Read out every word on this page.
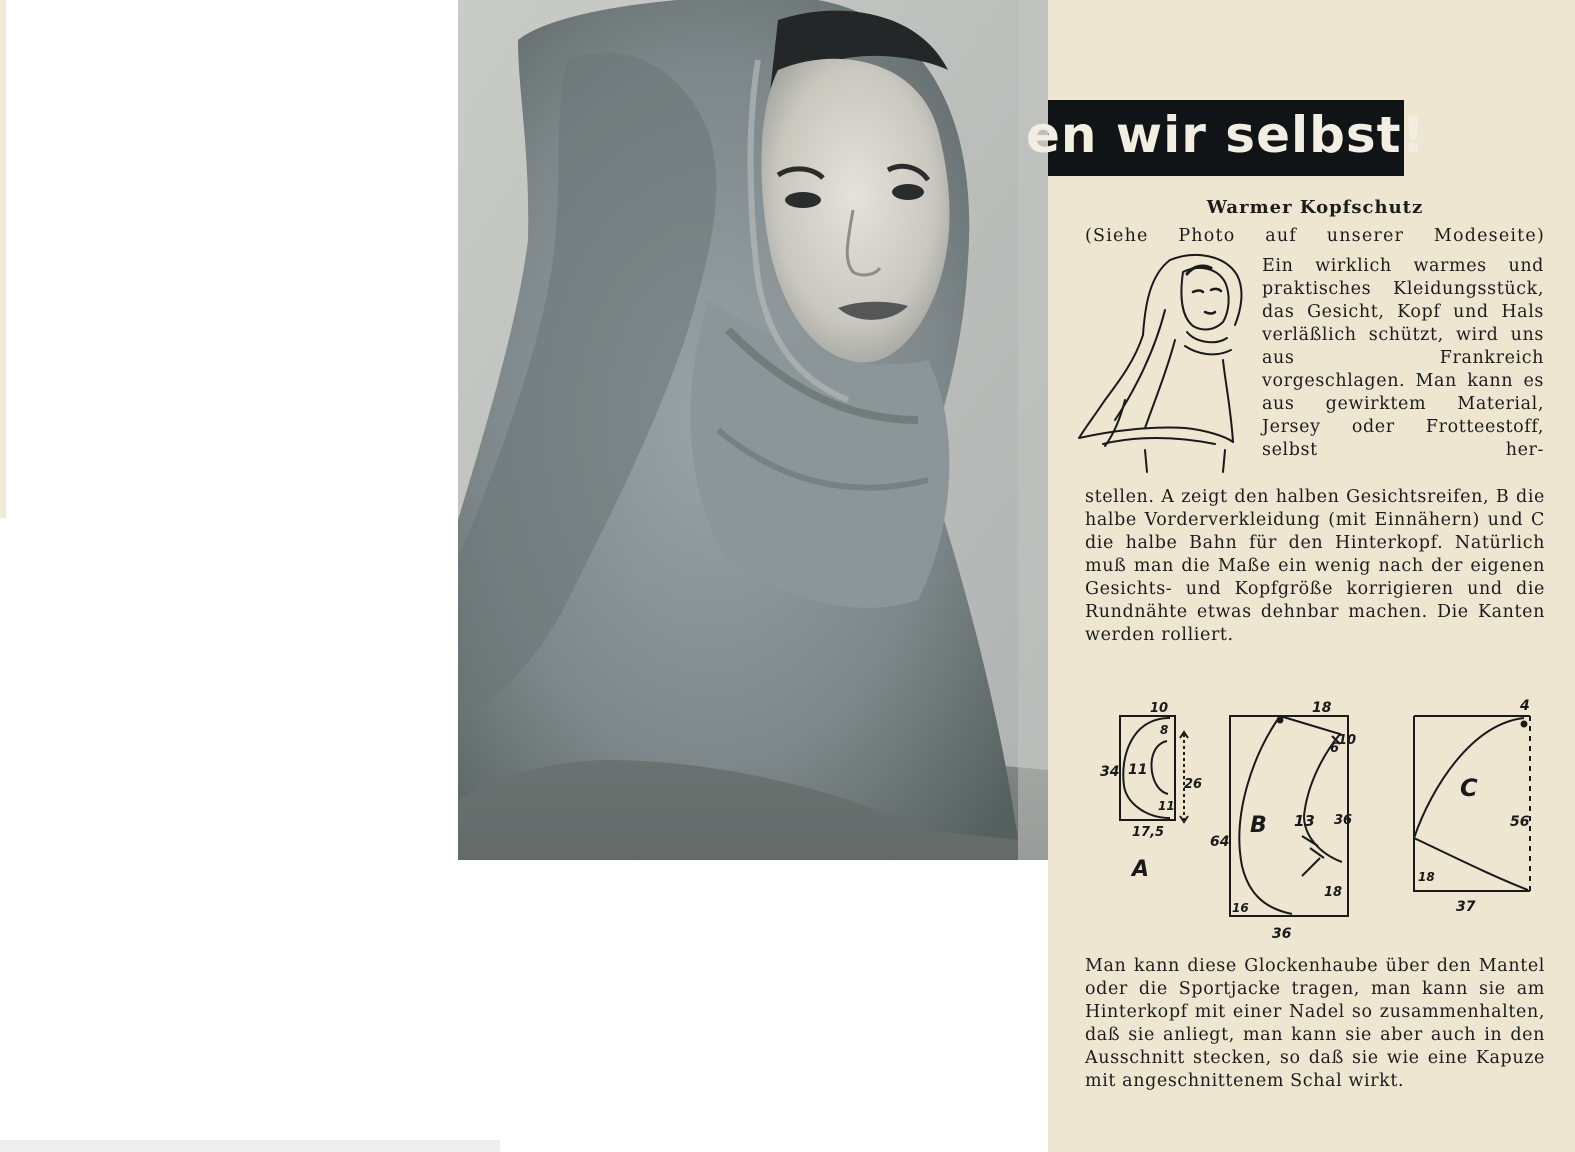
en wir selbst!
Warmer Kopfschutz
(Siehe Photo auf unserer Modeseite)
Ein wirklich warmes und praktisches Kleidungsstück, das Gesicht, Kopf und Hals verläßlich schützt, wird uns aus Frankreich vorgeschlagen. Man kann es aus gewirktem Material, Jersey oder Frotteestoff, selbst her-
stellen. A zeigt den halben Gesichtsreifen, B die halbe Vorderverkleidung (mit Einnähern) und C die halbe Bahn für den Hinterkopf. Natürlich muß man die Maße ein wenig nach der eigenen Gesichts- und Kopfgröße korrigieren und die Rundnähte etwas dehnbar machen. Die Kanten werden rolliert.
10
8
34 11
26
11
17,5
A
18
10
6
64
B 13 36
16
18
36
4
C
56
18
37
Man kann diese Glockenhaube über den Mantel oder die Sportjacke tragen, man kann sie am Hinterkopf mit einer Nadel so zusammenhalten, daß sie anliegt, man kann sie aber auch in den Ausschnitt stecken, so daß sie wie eine Kapuze mit angeschnittenem Schal wirkt.
